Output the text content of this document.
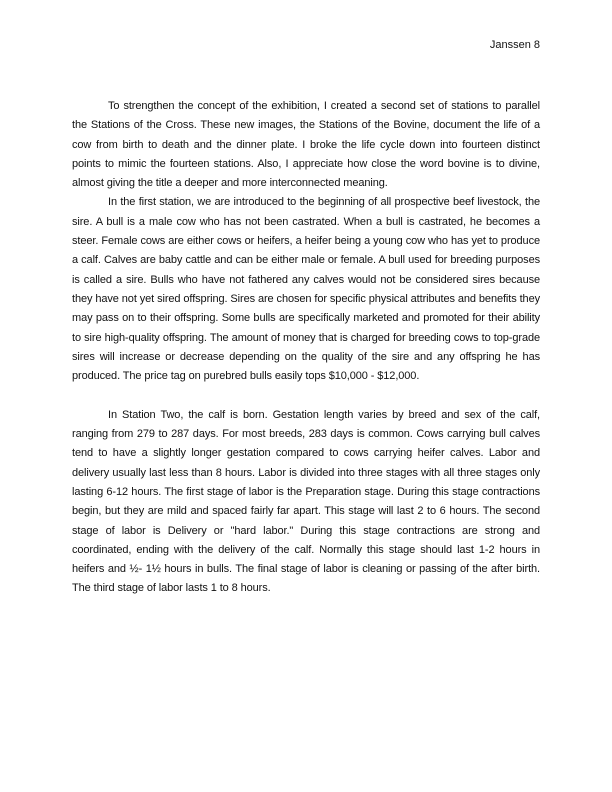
Janssen 8

To strengthen the concept of the exhibition, I created a second set of stations to parallel the Stations of the Cross. These new images, the Stations of the Bovine, document the life of a cow from birth to death and the dinner plate. I broke the life cycle down into fourteen distinct points to mimic the fourteen stations. Also, I appreciate how close the word bovine is to divine, almost giving the title a deeper and more interconnected meaning.

In the first station, we are introduced to the beginning of all prospective beef livestock, the sire. A bull is a male cow who has not been castrated. When a bull is castrated, he becomes a steer. Female cows are either cows or heifers, a heifer being a young cow who has yet to produce a calf. Calves are baby cattle and can be either male or female. A bull used for breeding purposes is called a sire. Bulls who have not fathered any calves would not be considered sires because they have not yet sired offspring. Sires are chosen for specific physical attributes and benefits they may pass on to their offspring. Some bulls are specifically marketed and promoted for their ability to sire high-quality offspring. The amount of money that is charged for breeding cows to top-grade sires will increase or decrease depending on the quality of the sire and any offspring he has produced. The price tag on purebred bulls easily tops $10,000 - $12,000.

In Station Two, the calf is born. Gestation length varies by breed and sex of the calf, ranging from 279 to 287 days. For most breeds, 283 days is common. Cows carrying bull calves tend to have a slightly longer gestation compared to cows carrying heifer calves. Labor and delivery usually last less than 8 hours. Labor is divided into three stages with all three stages only lasting 6-12 hours. The first stage of labor is the Preparation stage. During this stage contractions begin, but they are mild and spaced fairly far apart. This stage will last 2 to 6 hours. The second stage of labor is Delivery or "hard labor." During this stage contractions are strong and coordinated, ending with the delivery of the calf. Normally this stage should last 1-2 hours in heifers and ½- 1½ hours in bulls. The final stage of labor is cleaning or passing of the after birth. The third stage of labor lasts 1 to 8 hours.
